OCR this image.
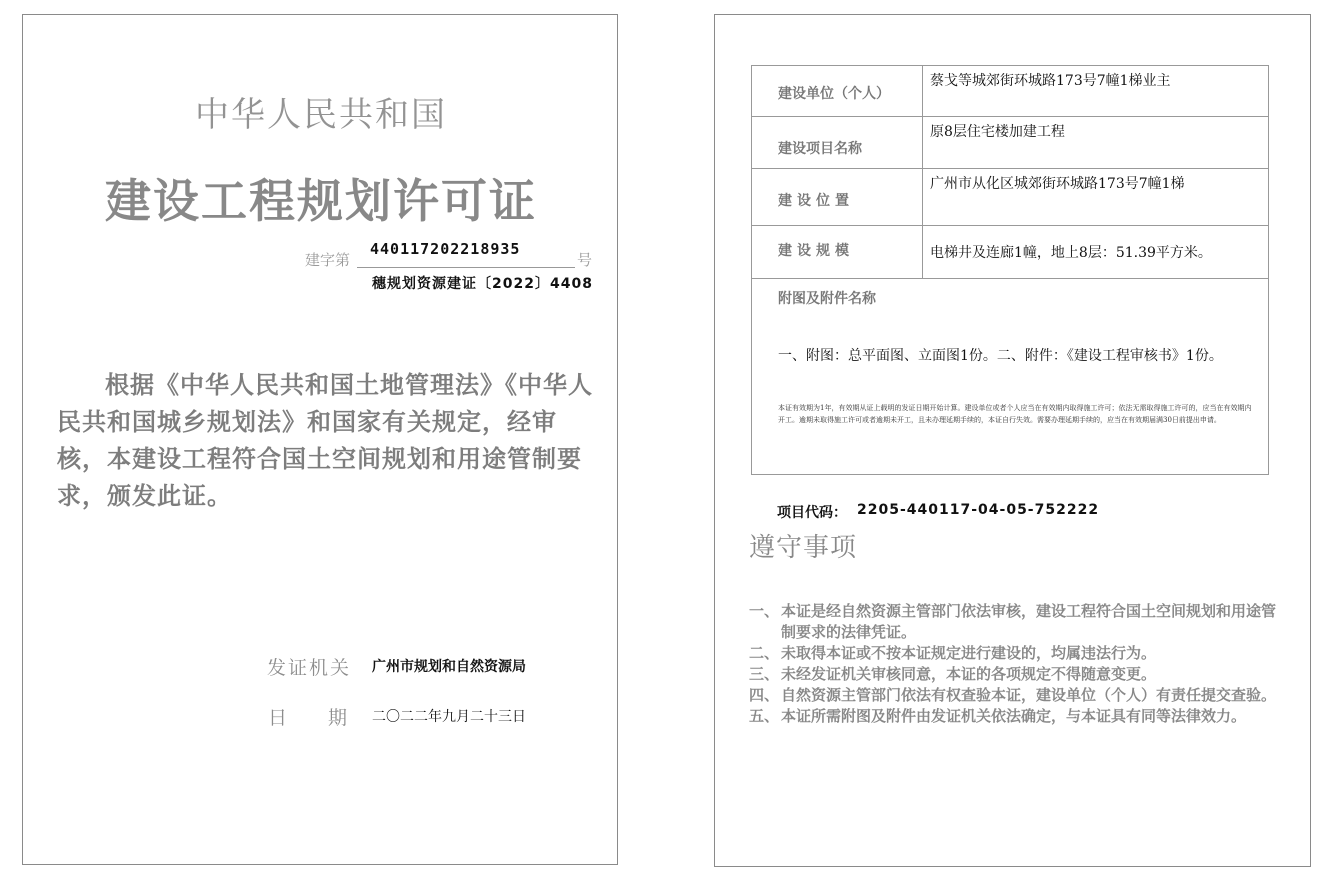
中华人民共和国
建设工程规划许可证
建字第
440117202218935
号
穗规划资源建证〔2022〕4408
根据《中华人民共和国土地管理法》《中华人民共和国城乡规划法》和国家有关规定，经审核，本建设工程符合国土空间规划和用途管制要求，颁发此证。
发证机关 广州市规划和自然资源局
日 期 二〇二二年九月二十三日
建设单位（个人）
蔡戈等城郊街环城路173号7幢1梯业主
建设项目名称
原8层住宅楼加建工程
建设位置
广州市从化区城郊街环城路173号7幢1梯
建设规模	电梯井及连廊1幢，地上8层：51.39平方米。
附图及附件名称
一、附图：总平面图、立面图1份。二、附件：《建设工程审核书》1份。
本证有效期为1年，有效期从证上载明的发证日期开始计算。建设单位或者个人应当在有效期内取得施工许可；依法无需取得施工许可的，应当在有效期内开工。逾期未取得施工许可或者逾期未开工，且未办理延期手续的，本证自行失效。需要办理延期手续的，应当在有效期届满30日前提出申请。
项目代码： 2205-440117-04-05-752222
遵守事项
一、 本证是经自然资源主管部门依法审核，建设工程符合国土空间规划和用途管制要求的法律凭证。
二、 未取得本证或不按本证规定进行建设的，均属违法行为。
三、 未经发证机关审核同意，本证的各项规定不得随意变更。
四、 自然资源主管部门依法有权查验本证，建设单位（个人）有责任提交查验。
五、 本证所需附图及附件由发证机关依法确定，与本证具有同等法律效力。
